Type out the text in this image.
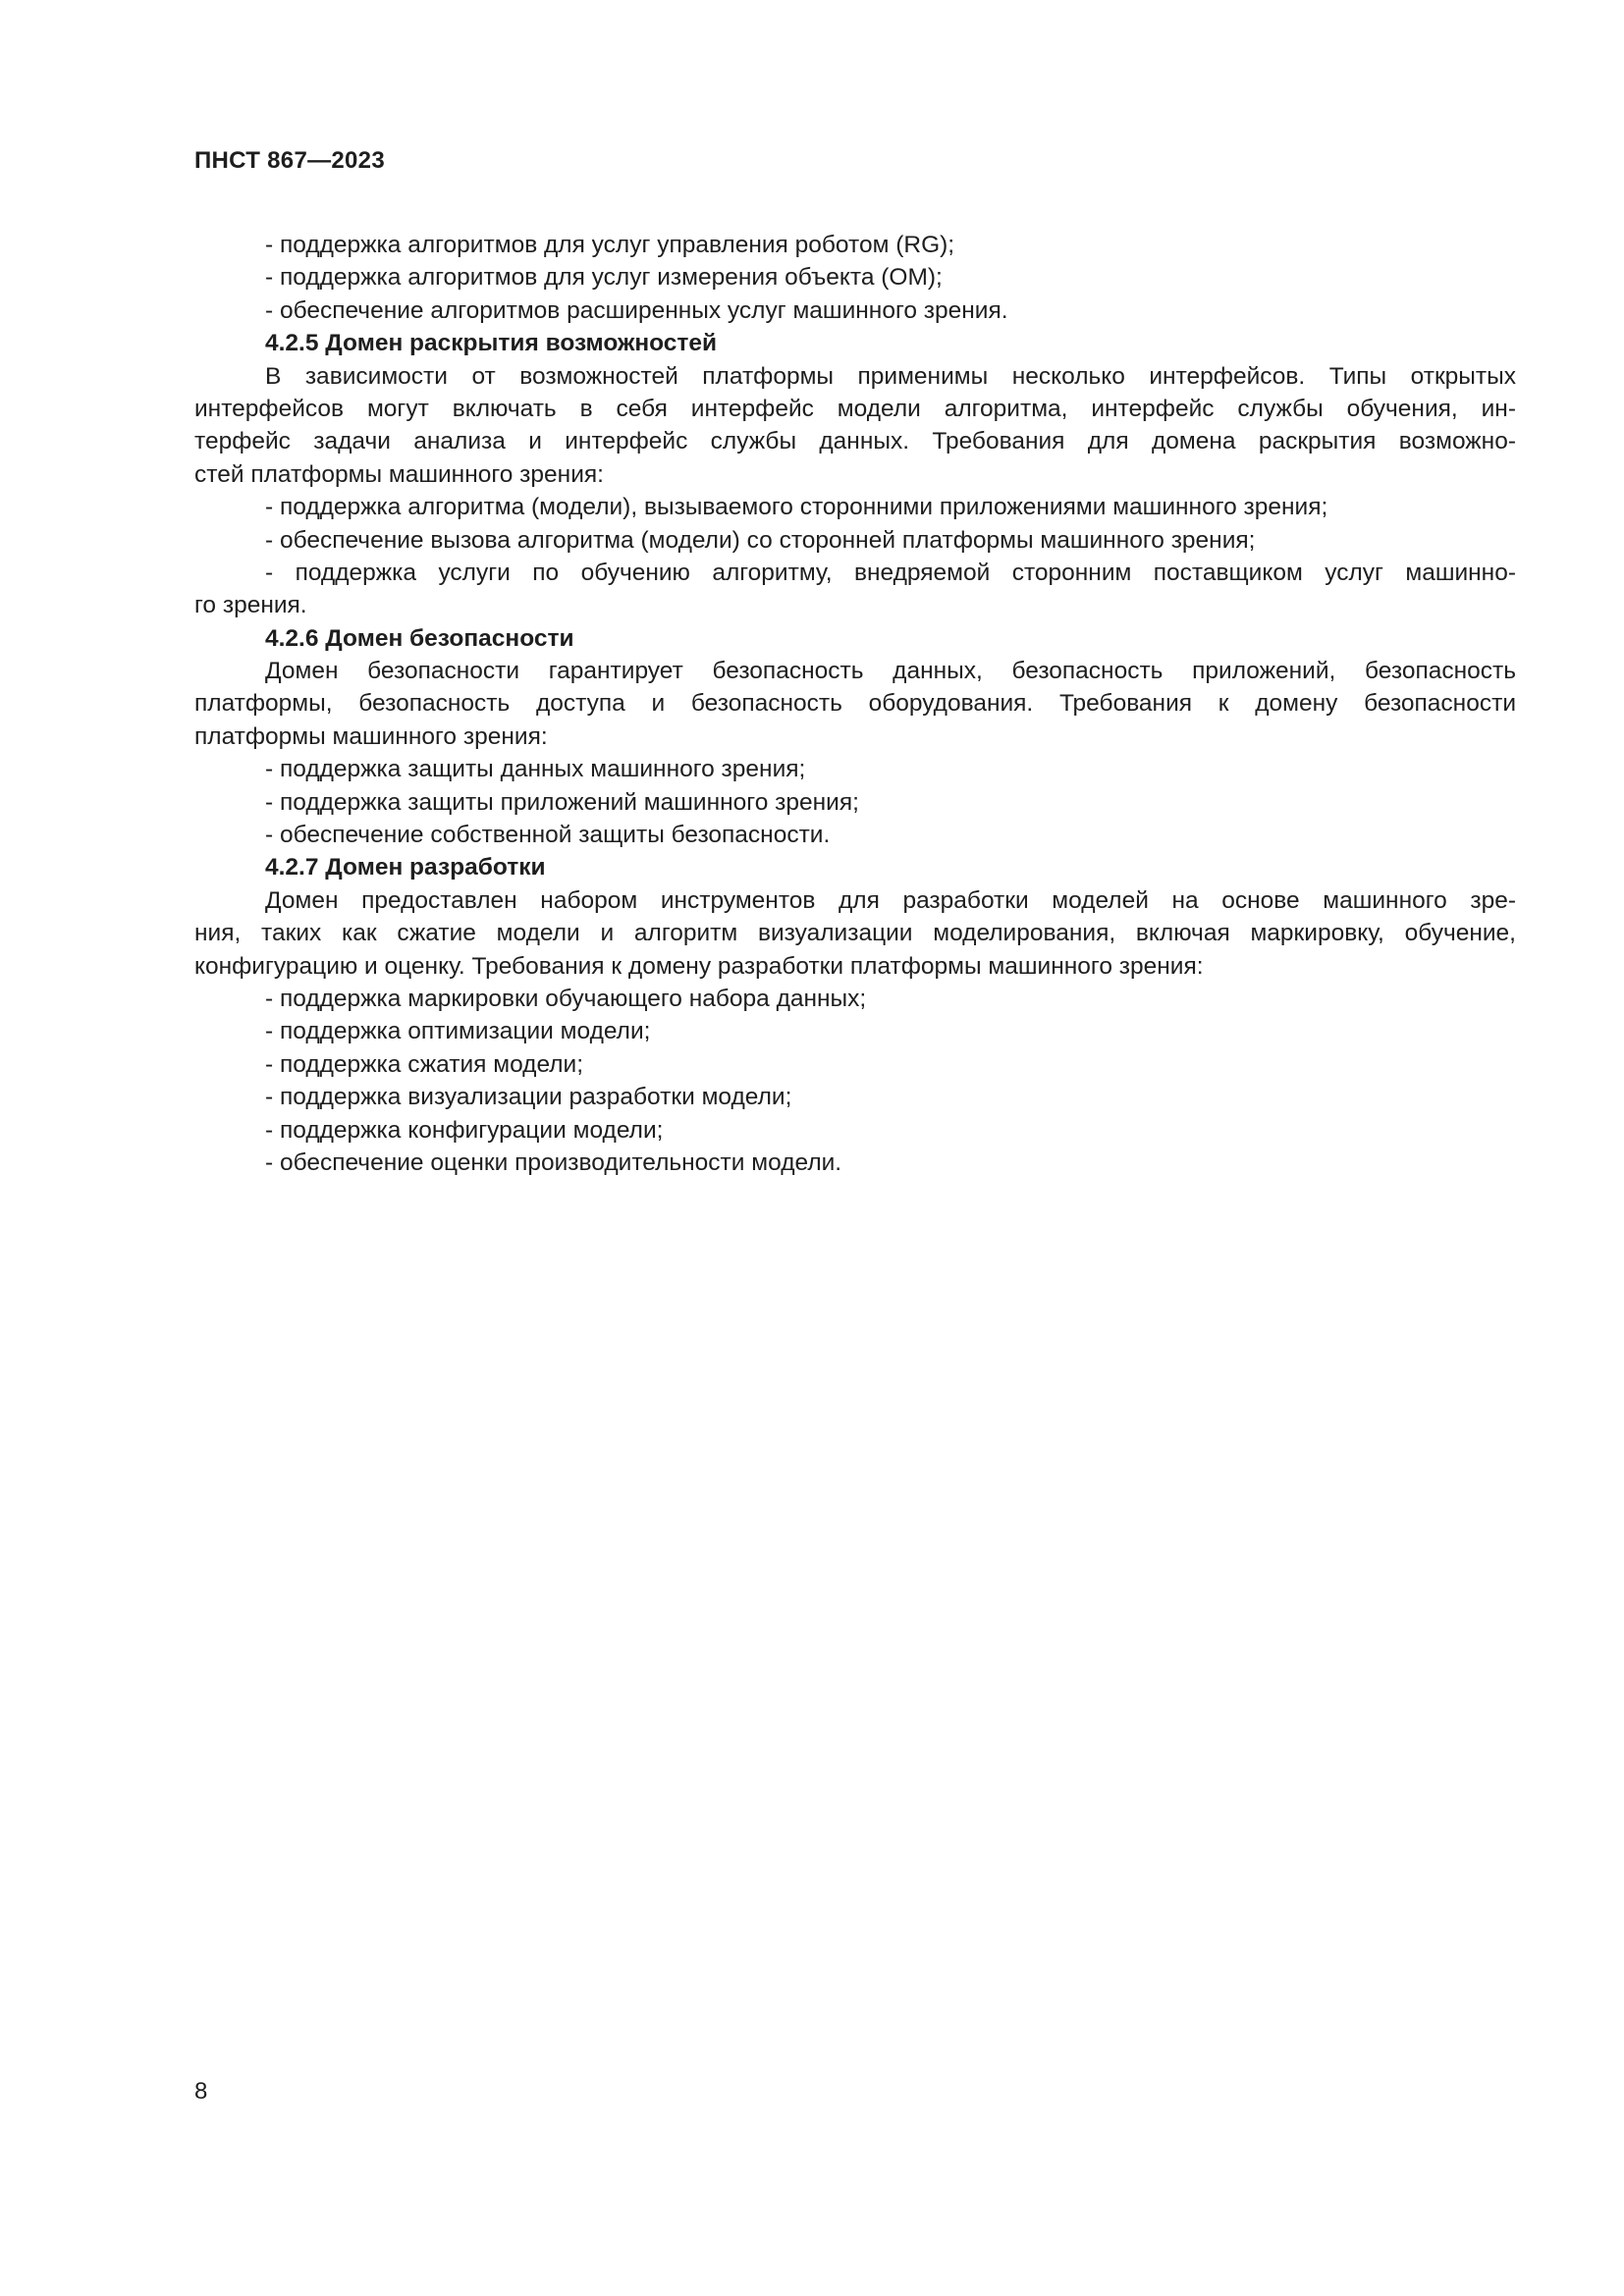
ПНСТ 867—2023
- поддержка алгоритмов для услуг управления роботом (RG);
- поддержка алгоритмов для услуг измерения объекта (ОМ);
- обеспечение алгоритмов расширенных услуг машинного зрения.
4.2.5 Домен раскрытия возможностей
В зависимости от возможностей платформы применимы несколько интерфейсов. Типы открытых
интерфейсов могут включать в себя интерфейс модели алгоритма, интерфейс службы обучения, ин-
терфейс задачи анализа и интерфейс службы данных. Требования для домена раскрытия возможно-
стей платформы машинного зрения:
- поддержка алгоритма (модели), вызываемого сторонними приложениями машинного зрения;
- обеспечение вызова алгоритма (модели) со сторонней платформы машинного зрения;
- поддержка услуги по обучению алгоритму, внедряемой сторонним поставщиком услуг машинно-
го зрения.
4.2.6 Домен безопасности
Домен безопасности гарантирует безопасность данных, безопасность приложений, безопасность
платформы, безопасность доступа и безопасность оборудования. Требования к домену безопасности
платформы машинного зрения:
- поддержка защиты данных машинного зрения;
- поддержка защиты приложений машинного зрения;
- обеспечение собственной защиты безопасности.
4.2.7 Домен разработки
Домен предоставлен набором инструментов для разработки моделей на основе машинного зре-
ния, таких как сжатие модели и алгоритм визуализации моделирования, включая маркировку, обучение,
конфигурацию и оценку. Требования к домену разработки платформы машинного зрения:
- поддержка маркировки обучающего набора данных;
- поддержка оптимизации модели;
- поддержка сжатия модели;
- поддержка визуализации разработки модели;
- поддержка конфигурации модели;
- обеспечение оценки производительности модели.
8
